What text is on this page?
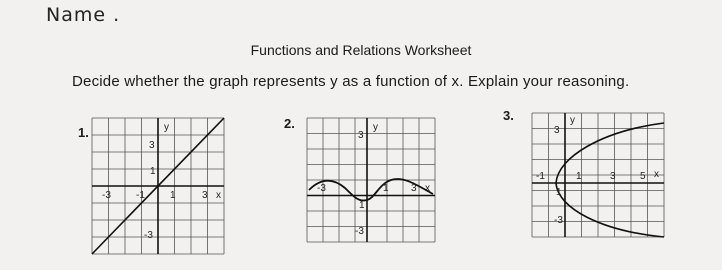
Name .
Functions and Relations Worksheet
Decide whether the graph represents y as a function of x. Explain your reasoning.
1.	y
x
3
1
-3
-3	-1	1	3
2.	y
x
3
1
-3
-3	1 3
3.	y
x
3
1
-3
-1	1	3 5
